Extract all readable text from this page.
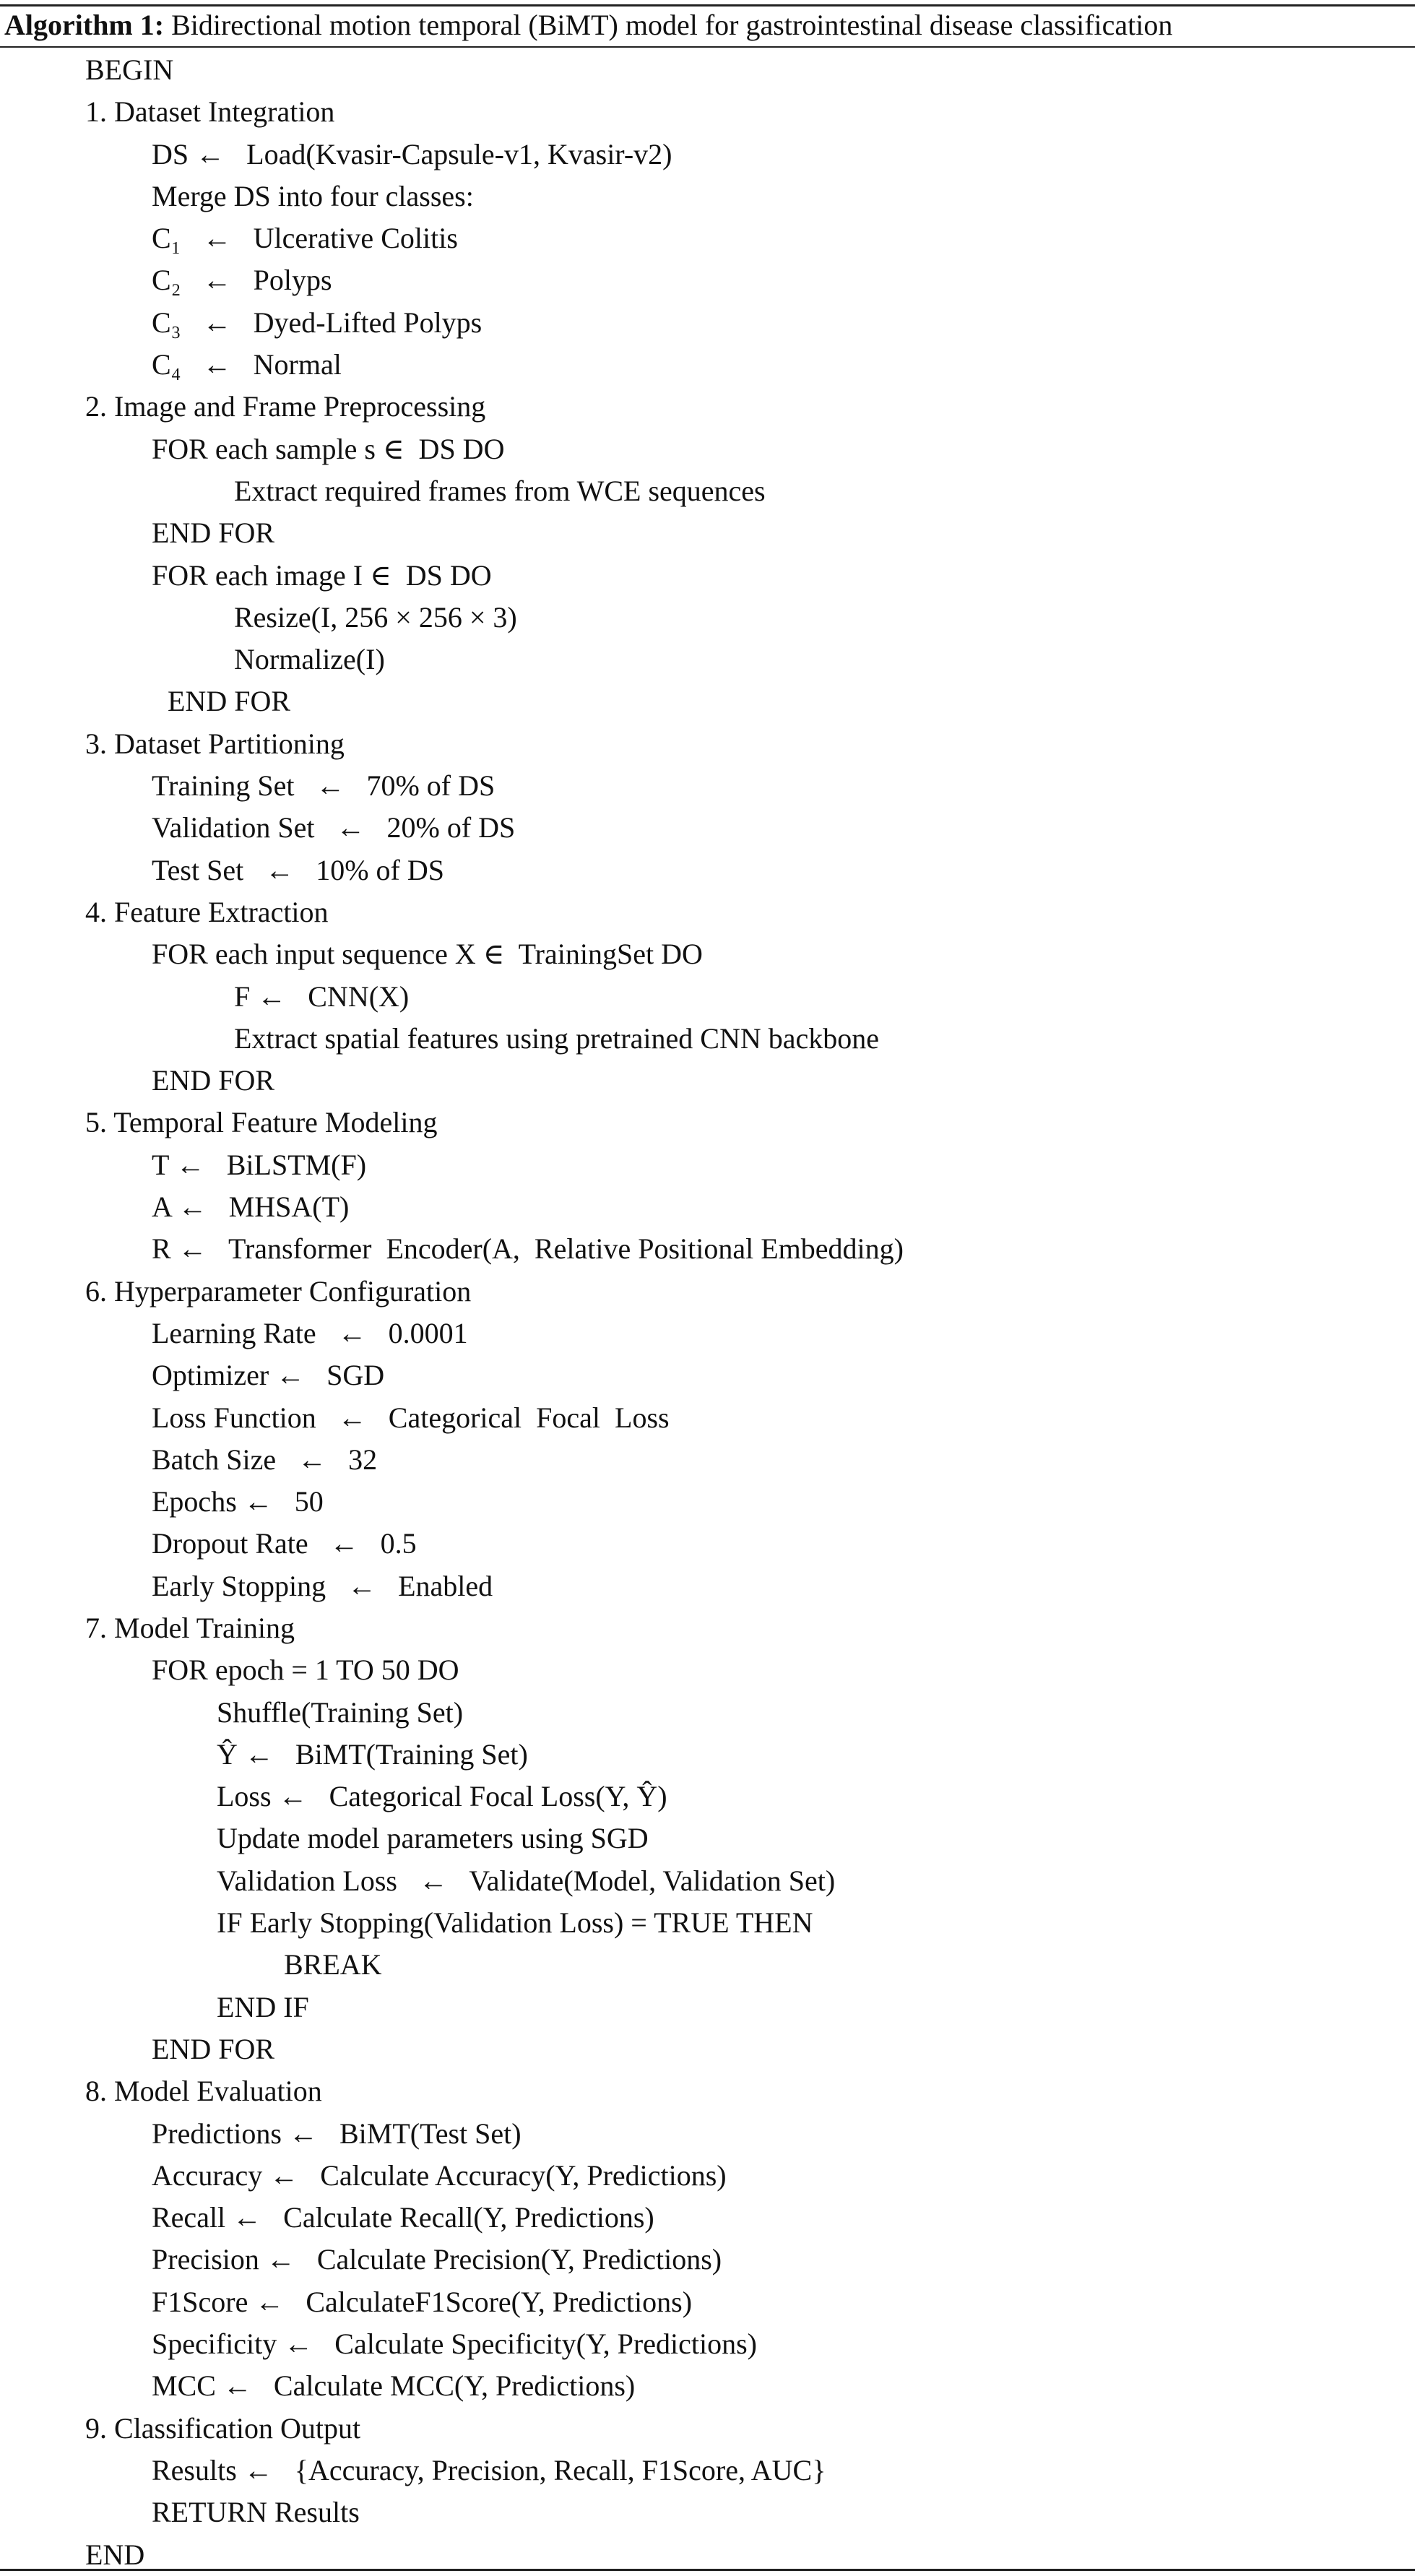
Algorithm 1: Bidirectional motion temporal (BiMT) model for gastrointestinal disease classification
BEGIN
1. Dataset Integration
DS ←   Load(Kvasir-Capsule-v1, Kvasir-v2)
Merge DS into four classes:
C₁   ←   Ulcerative Colitis
C₂   ←   Polyps
C₃   ←   Dyed-Lifted Polyps
C₄   ←   Normal
2. Image and Frame Preprocessing
FOR each sample s ∈  DS DO
Extract required frames from WCE sequences
END FOR
FOR each image I ∈  DS DO
Resize(I, 256 × 256 × 3)
Normalize(I)
END FOR
3. Dataset Partitioning
Training Set   ←   70% of DS
Validation Set   ←   20% of DS
Test Set   ←   10% of DS
4. Feature Extraction
FOR each input sequence X ∈  TrainingSet DO
F ←   CNN(X)
Extract spatial features using pretrained CNN backbone
END FOR
5. Temporal Feature Modeling
T ←   BiLSTM(F)
A ←   MHSA(T)
R ←   Transformer  Encoder(A,  Relative Positional Embedding)
6. Hyperparameter Configuration
Learning Rate   ←   0.0001
Optimizer ←   SGD
Loss Function   ←   Categorical  Focal  Loss
Batch Size   ←   32
Epochs ←   50
Dropout Rate   ←   0.5
Early Stopping   ←   Enabled
7. Model Training
FOR epoch = 1 TO 50 DO
Shuffle(Training Set)
Ŷ ←   BiMT(Training Set)
Loss ←   Categorical Focal Loss(Y, Ŷ)
Update model parameters using SGD
Validation Loss   ←   Validate(Model, Validation Set)
IF Early Stopping(Validation Loss) = TRUE THEN
BREAK
END IF
END FOR
8. Model Evaluation
Predictions ←   BiMT(Test Set)
Accuracy ←   Calculate Accuracy(Y, Predictions)
Recall ←   Calculate Recall(Y, Predictions)
Precision ←   Calculate Precision(Y, Predictions)
F1Score ←   CalculateF1Score(Y, Predictions)
Specificity ←   Calculate Specificity(Y, Predictions)
MCC ←   Calculate MCC(Y, Predictions)
9. Classification Output
Results ←   {Accuracy, Precision, Recall, F1Score, AUC}
RETURN Results
END
